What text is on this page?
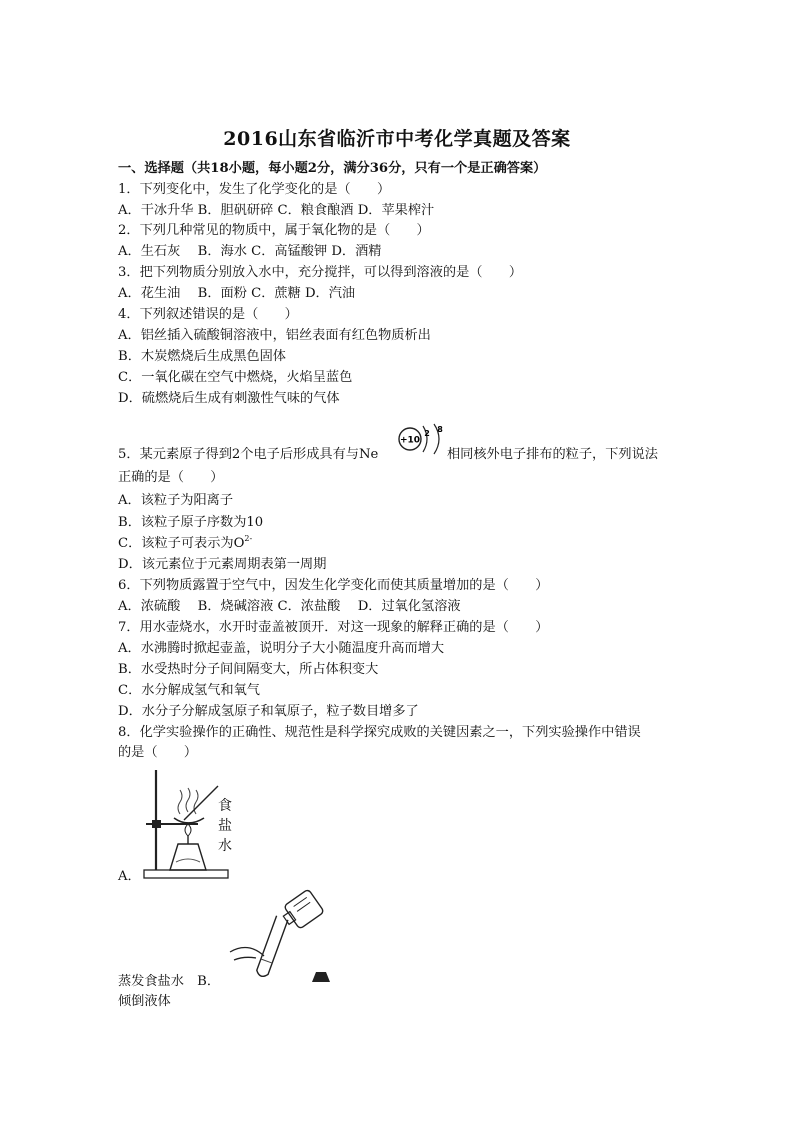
2016山东省临沂市中考化学真题及答案
一、选择题（共18小题，每小题2分，满分36分，只有一个是正确答案）
1．下列变化中，发生了化学变化的是（　　）
A．干冰升华 B．胆矾研碎 C．粮食酿酒 D．苹果榨汁
2．下列几种常见的物质中，属于氧化物的是（　　）
A．生石灰　 B．海水 C．高锰酸钾 D．酒精
3．把下列物质分别放入水中，充分搅拌，可以得到溶液的是（　　）
A．花生油　 B．面粉 C．蔗糖 D．汽油
4．下列叙述错误的是（　　）
A．铝丝插入硫酸铜溶液中，铝丝表面有红色物质析出
B．木炭燃烧后生成黑色固体
C．一氧化碳在空气中燃烧，火焰呈蓝色
D．硫燃烧后生成有刺激性气味的气体
5．某元素原子得到2个电子后形成具有与Ne
+10
2 8
相同核外电子排布的粒子，下列说法
正确的是（　　）
A．该粒子为阳离子
B．该粒子原子序数为10
C．该粒子可表示为$O^{2-}$
D．该元素位于元素周期表第一周期
6．下列物质露置于空气中，因发生化学变化而使其质量增加的是（　　）
A．浓硫酸　 B．烧碱溶液 C．浓盐酸　 D．过氧化氢溶液
7．用水壶烧水，水开时壶盖被顶开．对这一现象的解释正确的是（　　）
A．水沸腾时掀起壶盖，说明分子大小随温度升高而增大
B．水受热时分子间间隔变大，所占体积变大
C．水分解成氢气和氧气
D．水分子分解成氢原子和氧原子，粒子数目增多了
8．化学实验操作的正确性、规范性是科学探究成败的关键因素之一，下列实验操作中错误
的是（　　）
食
盐
水
A．
蒸发食盐水　 B．
倾倒液体
